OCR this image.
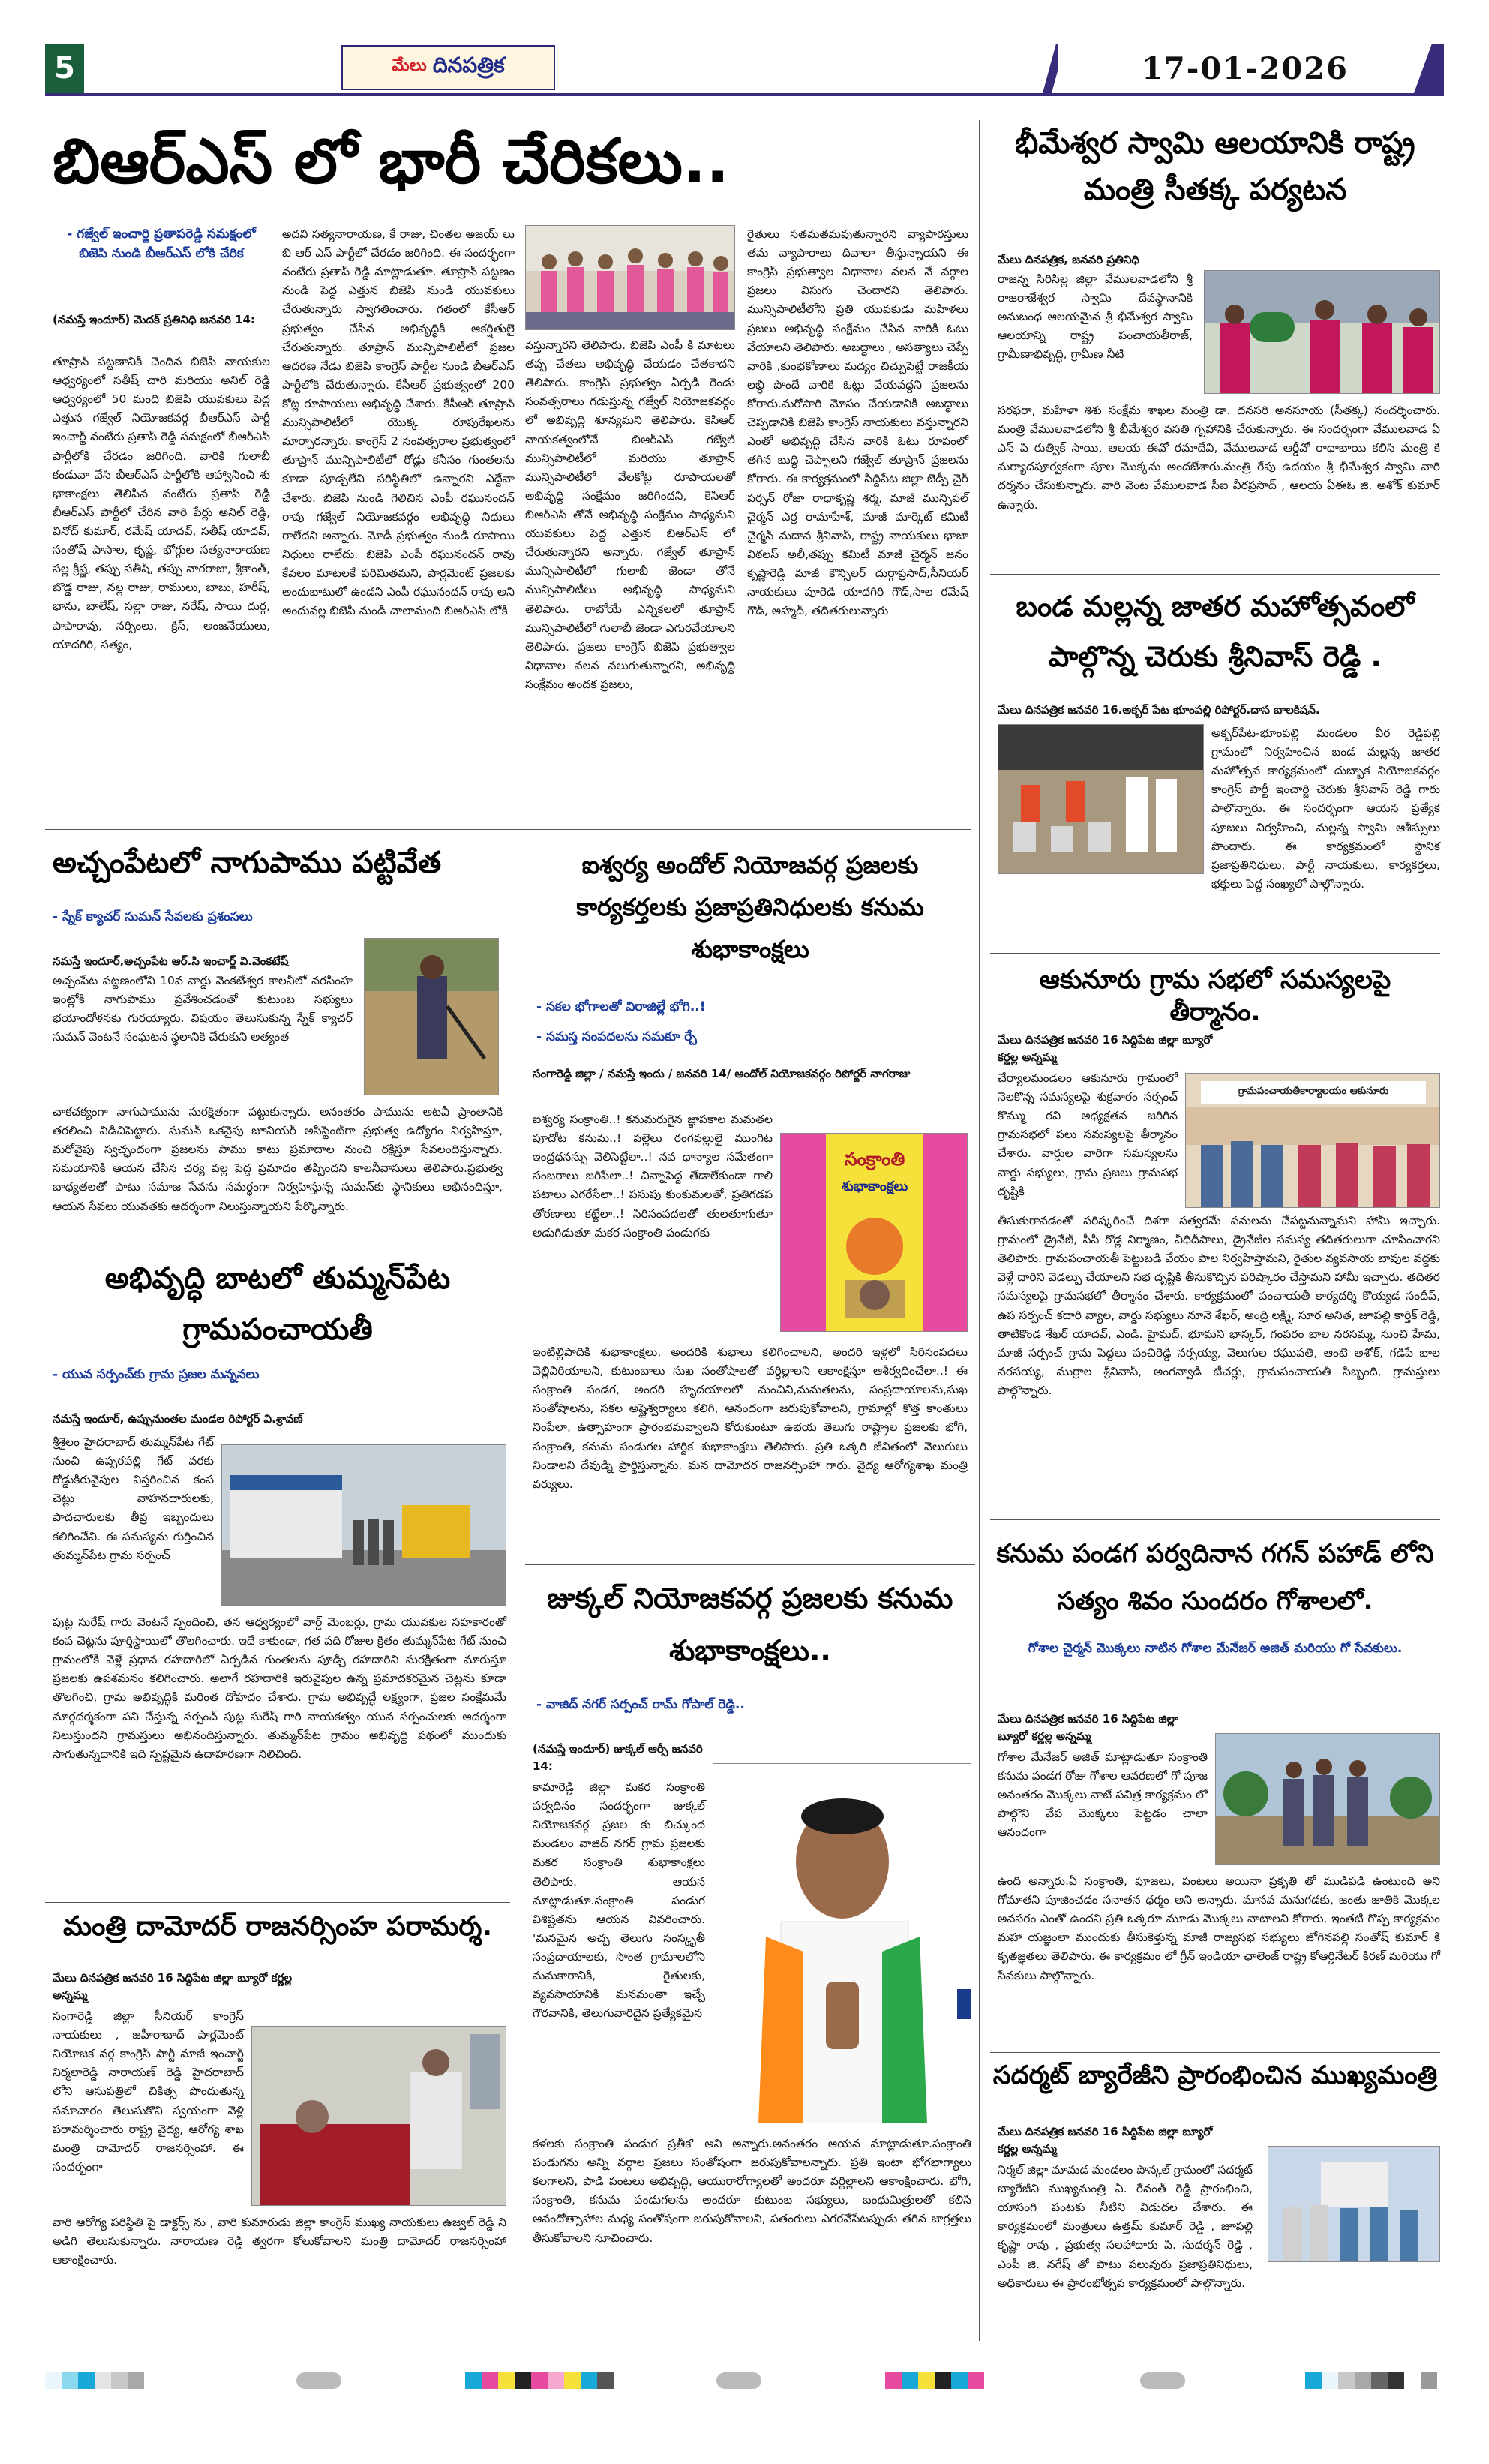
5	మేలు దినపత్రిక	17-01-2026
బిఆర్ఎస్ లో భారీ చేరికలు..
- గజ్వేల్ ఇంచార్జి ప్రతాపరెడ్డి సమక్షంలో బిజెపి నుండి బీఆర్ఎస్ లోకి చేరిక
(నమస్తే ఇందూర్) మెదక్ ప్రతినిధి జనవరి 14:
తూప్రాన్ పట్టణానికి చెందిన బిజెపి నాయకుల ఆధ్వర్యంలో సతీష్ చారి మరియు అనిల్ రెడ్డి ఆధ్వర్యంలో 50 మంది బిజెపి యువకులు పెద్ద ఎత్తున గజ్వేల్ నియోజకవర్గ బీఆర్ఎస్ పార్టీ ఇంచార్జ్ వంటేరు ప్రతాప్ రెడ్డి సమక్షంలో బీఆర్ఎస్ పార్టీలోకి చేరడం జరిగింది. వారికి గులాబీ కండువా వేసి బీఆర్ఎస్ పార్టీలోకి ఆహ్వానించి శు భాకాంక్షలు తెలిపిన వంటేరు ప్రతాప్ రెడ్డి బీఆర్ఎస్ పార్టీలో చేరిన వారి పేర్లు అనిల్ రెడ్డి, వినోద్ కుమార్, రమేష్ యాదవ్, సతీష్ యాదవ్, సంతోష్ పాసాల, కృష్ణ, భోగ్గుల సత్యనారాయణ సల్ల క్రిష్ణ, తప్పు సతీష్, తప్పు నాగరాజు, శ్రీకాంత్, బొడ్డ రాజు, నల్ల రాజు, రాములు, బాబు, హరీష్, భాను, బాలేష్, సల్లా రాజు, నరేష్, సాయి దుర్గ, పాపారావు, నర్సింలు, క్రిస్, అంజనేయులు, యాదగిరి, సత్యం,
అదవి సత్యనారాయణ, కే రాజు, చింతల అజయ్ లు బి ఆర్ ఎస్ పార్టీలో చేరడం జరిగింది. ఈ సందర్భంగా వంటేరు ప్రతాప్ రెడ్డి మాట్లాడుతూ. తూప్రాన్ పట్టణం నుండి పెద్ద ఎత్తున బిజెపి నుండి యువకులు చేరుతున్నారు స్వాగతించారు. గతంలో కేసీఆర్ ప్రభుత్వం చేసిన అభివృద్ధికి ఆకర్షితులై చేరుతున్నారు. తూప్రాన్ మున్సిపాలిటీలో ప్రజల ఆదరణ నేడు బిజెపి కాంగ్రెస్ పార్టీల నుండి బీఆర్ఎస్ పార్టీలోకి చేరుతున్నారు. కేసీఆర్ ప్రభుత్వంలో 200 కోట్ల రూపాయలు అభివృద్ధి చేశారు. కేసీఆర్ తూప్రాన్ మున్సిపాలిటీలో యొక్క రూపురేఖలను మార్చారన్నారు. కాంగ్రెస్ 2 సంవత్సరాల ప్రభుత్వంలో తూప్రాన్ మున్సిపాలిటీలో రోడ్లు కనీసం గుంతలను కూడా పూడ్చలేని పరిస్థితిలో ఉన్నారని ఎద్దేవా చేశారు. బిజెపి నుండి గెలిచిన ఎంపీ రఘునందన్ రావు గజ్వేల్ నియోజకవర్గం అభివృద్ధి నిధులు రాలేదని అన్నారు. మోడీ ప్రభుత్వం నుండి రూపాయి నిధులు రాలేదు. బిజెపి ఎంపీ రఘునందన్ రావు కేవలం మాటలకే పరిమితమని, పార్లమెంట్ ప్రజలకు అందుబాటులో ఉండని ఎంపీ రఘునందన్ రావు అని అందువల్ల బిజెపి నుండి చాలామంది బిఆర్ఎస్ లోకి
వస్తున్నారని తెలిపారు. బిజెపి ఎంపీ కి మాటలు తప్ప చేతలు అభివృద్ధి చేయడం చేతకాదని తెలిపారు. కాంగ్రెస్ ప్రభుత్వం ఏర్పడి రెండు సంవత్సరాలు గడుస్తున్న గజ్వేల్ నియోజకవర్గం లో అభివృద్ధి శూన్యమని తెలిపారు. కెసిఆర్ నాయకత్వంలోనే బిఆర్ఎస్ గజ్వేల్ మున్సిపాలిటీలో మరియు తూప్రాన్ మున్సిపాలిటీలో వేలకోట్ల రూపాయలతో అభివృద్ధి సంక్షేమం జరిగిందని, కెసిఆర్ బిఆర్ఎస్ తోనే అభివృద్ధి సంక్షేమం సాధ్యమని యువకులు పెద్ద ఎత్తున బిఆర్ఎస్ లో చేరుతున్నారని అన్నారు. గజ్వేల్ తూప్రాన్ మున్సిపాలిటీలో గులాబీ జెండా తోనే మున్సిపాలిటీలు అభివృద్ధి సాధ్యమని తెలిపారు. రాబోయే ఎన్నికలలో తూప్రాన్ మున్సిపాలిటీలో గులాబీ జెండా ఎగురవేయాలని తెలిపారు. ప్రజలు కాంగ్రెస్ బిజెపి ప్రభుత్వాల విధానాల వలన నలుగుతున్నారని, అభివృద్ధి సంక్షేమం అందక ప్రజలు,
రైతులు సతమతమవుతున్నారని వ్యాపారస్తులు తమ వ్యాపారాలు దివాలా తీస్తున్నాయని ఈ కాంగ్రెస్ ప్రభుత్వాల విధానాల వలన నే వర్గాల ప్రజలు విసుగు చెందారని తెలిపారు. మున్సిపాలిటీలోని ప్రతి యువకుడు మహిళలు ప్రజలు అభివృద్ధి సంక్షేమం చేసిన వారికి ఓటు వేయాలని తెలిపారు. అబద్ధాలు , అసత్యాలు చెప్పే వారికి ,కుంభకోణాలు మద్యం చిచ్చుపెట్టే రాజకీయ లబ్ధి పొందే వారికి ఓట్లు వేయవద్దని ప్రజలను కోరారు.మరోసారి మోసం చేయడానికి అబద్ధాలు చెప్పడానికి బిజెపి కాంగ్రెస్ నాయకులు వస్తున్నారని ఎంతో అభివృద్ధి చేసిన వారికి ఓటు రూపంలో తగిన బుద్ధి చెప్పాలని గజ్వేల్ తూప్రాన్ ప్రజలను కోరారు. ఈ కార్యక్రమంలో సిద్దిపేట జిల్లా జెడ్పీ చైర్ పర్సన్ రోజా రాధాకృష్ణ శర్మ, మాజీ మున్సిపల్ చైర్మన్ ఎర్ర రామాహేశ్, మాజీ మార్కెట్ కమిటీ చైర్మన్ మదాన శ్రీనివాస్, రాష్ట్ర నాయకులు భాజా విఠలస్ అలీ,తప్పు కమిటీ మాజీ చైర్మన్ జనం కృష్ణారెడ్డి మాజీ కౌన్సిలర్ దుర్గాప్రసాద్,సీనియర్ నాయకులు పూరెడి యాదగిరి గౌడ్,సాల రమేష్ గౌడ్, అహ్మద్, తదితరులున్నారు
భీమేశ్వర స్వామి ఆలయానికి రాష్ట్ర మంత్రి సీతక్క పర్యటన
మేలు దినపత్రిక, జనవరి ప్రతినిధి
రాజన్న సిరిసిల్ల జిల్లా వేములవాడలోని శ్రీ రాజరాజేశ్వర స్వామి దేవస్థానానికి అనుబంధ ఆలయమైన శ్రీ భీమేశ్వర స్వామి ఆలయాన్ని రాష్ట్ర పంచాయతీరాజ్, గ్రామీణాభివృద్ధి, గ్రామీణ నీటి
సరఫరా, మహిళా శిశు సంక్షేమ శాఖల మంత్రి డా. దనసరి అనసూయ (సీతక్క) సందర్శించారు. మంత్రి వేములవాడలోని శ్రీ భీమేశ్వర వసతి గృహానికి చేరుకున్నారు. ఈ సందర్భంగా వేములవాడ ఏ ఎస్ పి రుత్విక్ సాయి, ఆలయ ఈవో రమాదేవి, వేములవాడ ఆర్డీవో రాధాబాయి కలిసి మంత్రి కి మర్యాదపూర్వకంగా పూల మొక్కను అందజేశారు.మంత్రి రేపు ఉదయం శ్రీ భీమేశ్వర స్వామి వారి దర్శనం చేసుకున్నారు. వారి వెంట వేములవాడ సీఐ వీరప్రసాద్ , ఆలయ ఏఈఓ జి. అశోక్ కుమార్ ఉన్నారు.
బండ మల్లన్న జాతర మహోత్సవంలో పాల్గొన్న చెరుకు శ్రీనివాస్ రెడ్డి .
మేలు దినపత్రిక జనవరి 16.అక్బర్ పేట భూంపల్లి రిపోర్టర్.దాస బాలకిషన్.
అక్బర్‌పేట-భూంపల్లి మండలం వీర రెడ్డిపల్లి గ్రామంలో నిర్వహించిన బండ మల్లన్న జాతర మహోత్సవ కార్యక్రమంలో దుబ్బాక నియోజకవర్గం కాంగ్రెస్ పార్టీ ఇంచార్జి చెరుకు శ్రీనివాస్ రెడ్డి గారు పాల్గొన్నారు. ఈ సందర్భంగా ఆయన ప్రత్యేక పూజలు నిర్వహించి, మల్లన్న స్వామి ఆశీస్సులు పొందారు. ఈ కార్యక్రమంలో స్థానిక ప్రజాప్రతినిధులు, పార్టీ నాయకులు, కార్యకర్తలు, భక్తులు పెద్ద సంఖ్యలో పాల్గొన్నారు.
ఆకునూరు గ్రామ సభలో సమస్యలపై తీర్మానం.
మేలు దినపత్రిక జనవరి 16 సిద్దిపేట జిల్లా బ్యూరో కర్ణల్ల అన్నమ్మ
చేర్యాలమండలం ఆకునూరు గ్రామంలో నెలకొన్న సమస్యలపై శుక్రవారం సర్పంచ్ కొమ్ము రవి అధ్యక్షతన జరిగిన గ్రామసభలో పలు సమస్యలపై తీర్మానం చేశారు. వార్డుల వారిగా సమస్యలను వార్డు సభ్యులు, గ్రామ ప్రజలు గ్రామసభ దృష్టికి
గ్రామపంచాయతీకార్యాలయం ఆకునూరు
తీసుకురావడంతో పరిష్కరించే దిశగా సత్వరమే పనులను చేపట్టనున్నామని హామీ ఇచ్చారు. గ్రామంలో డ్రైనేజ్, సీసీ రోడ్ల నిర్మాణం, వీధిదీపాలు, డ్రైనేజీల సమస్య తదితరులుగా చూపించారని తెలిపారు. గ్రామపంచాయతీ పెట్టుబడి వేయం పాల నిర్వహిస్తామని, రైతుల వ్యవసాయ బావుల వద్దకు వెళ్లే దారిని వెడల్పు చేయాలని సభ దృష్టికి తీసుకొచ్చిన పరిష్కారం చేస్తామని హామీ ఇచ్చారు. తదితర సమస్యలపై గ్రామసభలో తీర్మానం చేశారు. కార్యక్రమంలో పంచాయతీ కార్యదర్శి కొయ్యడ సందీప్, ఉప సర్పంచ్ కదారి వ్యాల, వార్డు సభ్యులు నూనె శేఖర్, అంద్రి లక్ష్మి, సూర అనిత, జూపల్లి కార్తిక్ రెడ్డి, తాటికొండ శేఖర్ యాదవ్, ఎండి. హైమద్, భూమని భాస్కర్, గంపరం బాల నరసమ్మ, సుంచి హేమ, మాజీ సర్పంచ్ గ్రామ పెద్దలు పంచిరెడ్డి నర్సయ్య, వెలుగుల రఘుపతి, ఆంటె అశోక్, గడిపే బాల నరసయ్య, ముర్రాల శ్రీనివాస్, అంగన్వాడి టీచర్లు, గ్రామపంచాయతీ సిబ్బంది, గ్రామస్తులు పాల్గొన్నారు.
కనుమ పండగ పర్వదినాన గగన్ పహాడ్ లోని సత్యం శివం సుందరం గోశాలలో.
గోశాల చైర్మన్ మొక్కలు నాటిన గోశాల మేనేజర్ అజిత్ మరియు గో సేవకులు.
మేలు దినపత్రిక జనవరి 16 సిద్దిపేట జిల్లా బ్యూరో కర్ణల్ల అన్నమ్మ
గోశాల మేనేజర్ అజిత్ మాట్లాడుతూ సంక్రాంతి కనుమ పండగ రోజు గోశాల ఆవరణలో గో పూజ అనంతరం మొక్కలు నాటే పవిత్ర కార్యక్రమం లో పాల్గొని వేప మొక్కలు పెట్టడం చాలా ఆనందంగా
ఉంది అన్నారు.ఏ సంక్రాంతి, పూజలు, పంటలు అయినా ప్రకృతి తో ముడిపడి ఉంటుంది అని గోమాతని పూజించడం సనాతన ధర్మం అని అన్నారు. మానవ మనుగడకు, జంతు జాతికి మొక్కల అవసరం ఎంతో ఉందని ప్రతి ఒక్కరూ మూడు మొక్కలు నాటాలని కోరారు. ఇంతటి గొప్ప కార్యక్రమం మహా యజ్ఞంలా ముందుకు తీసుకెళ్తున్న మాజీ రాజ్యసభ సభ్యులు జోగినపల్లి సంతోష్ కుమార్ కి కృతజ్ఞతలు తెలిపారు. ఈ కార్యక్రమం లో గ్రీన్ ఇండియా ఛాలెంజ్ రాష్ట్ర కోఆర్డినేటర్ కిరణ్ మరియు గో సేవకులు పాల్గొన్నారు.
సదర్మట్ బ్యారేజీని ప్రారంభించిన ముఖ్యమంత్రి
మేలు దినపత్రిక జనవరి 16 సిద్దిపేట జిల్లా బ్యూరో కర్ణల్ల అన్నమ్మ
నిర్మల్ జిల్లా మామడ మండలం పొన్కల్ గ్రామంలో సదర్మట్ బ్యారేజీని ముఖ్యమంత్రి ఏ. రేవంత్ రెడ్డి ప్రారంభించి, యాసంగి పంటకు నీటిని విడుదల చేశారు. ఈ కార్యక్రమంలో మంత్రులు ఉత్తమ్ కుమార్ రెడ్డి , జూపల్లి కృష్ణా రావు , ప్రభుత్వ సలహాదారు పి. సుదర్శన్ రెడ్డి , ఎంపీ జి. నగేష్ తో పాటు పలువురు ప్రజాప్రతినిధులు, అధికారులు ఈ ప్రారంభోత్సవ కార్యక్రమంలో పాల్గొన్నారు.
అచ్చంపేటలో నాగుపాము పట్టివేత
- స్నేక్ క్యాచర్ సుమన్ సేవలకు ప్రశంసలు
నమస్తే ఇందూర్,అచ్చంపేట ఆర్.సి ఇంచార్జ్ వి.వెంకటేష్
అచ్చంపేట పట్టణంలోని 10వ వార్డు వెంకటేశ్వర కాలనీలో నరసింహ ఇంట్లోకి నాగుపాము ప్రవేశించడంతో కుటుంబ సభ్యులు భయాందోళనకు గురయ్యారు. విషయం తెలుసుకున్న స్నేక్ క్యాచర్ సుమన్ వెంటనే సంఘటన స్థలానికి చేరుకుని అత్యంత
చాకచక్యంగా నాగుపామును సురక్షితంగా పట్టుకున్నారు. అనంతరం పామును అటవీ ప్రాంతానికి తరలించి విడిచిపెట్టారు. సుమన్ ఒకవైపు జూనియర్ అసిస్టెంట్‌గా ప్రభుత్వ ఉద్యోగం నిర్వహిస్తూ, మరోవైపు స్వచ్ఛందంగా ప్రజలను పాము కాటు ప్రమాదాల నుంచి రక్షిస్తూ సేవలందిస్తున్నారు. సమయానికి ఆయన చేసిన చర్య వల్ల పెద్ద ప్రమాదం తప్పిందని కాలనీవాసులు తెలిపారు.ప్రభుత్వ బాధ్యతలతో పాటు సమాజ సేవను సమర్థంగా నిర్వహిస్తున్న సుమన్‌కు స్థానికులు అభినందిస్తూ, ఆయన సేవలు యువతకు ఆదర్శంగా నిలుస్తున్నాయని పేర్కొన్నారు.
అభివృద్ధి బాటలో తుమ్మన్‌పేట గ్రామపంచాయతీ
- యువ సర్పంచ్‌కు గ్రామ ప్రజల మన్ననలు
నమస్తే ఇందూర్, ఉప్పునుంతల మండల రిపోర్టర్ వి.శ్రావణ్
శ్రీశైలం హైదరాబాద్ తుమ్మన్‌పేట గేట్ నుంచి ఉప్పరపల్లి గేట్ వరకు రోడ్డుకిరువైపుల విస్తరించిన కంప చెట్లు వాహనదారులకు, పాదచారులకు తీవ్ర ఇబ్బందులు కలిగించేవి. ఈ సమస్యను గుర్తించిన తుమ్మన్‌పేట గ్రామ సర్పంచ్
పుట్ల సురేష్ గారు వెంటనే స్పందించి, తన ఆధ్వర్యంలో వార్డ్ మెంబర్లు, గ్రామ యువకుల సహకారంతో కంప చెట్లను పూర్తిస్థాయిలో తొలగించారు. ఇదే కాకుండా, గత పది రోజుల క్రితం తుమ్మన్‌పేట గేట్ నుంచి గ్రామంలోకి వెళ్లే ప్రధాన రహదారిలో ఏర్పడిన గుంతలను పూడ్చి రహదారిని సురక్షితంగా మారుస్తూ ప్రజలకు ఉపశమనం కలిగించారు. అలాగే రహదారికి ఇరువైపుల ఉన్న ప్రమాదకరమైన చెట్లను కూడా తొలగించి, గ్రామ అభివృద్ధికి మరింత దోహదం చేశారు. గ్రామ అభివృద్ధే లక్ష్యంగా, ప్రజల సంక్షేమమే మార్గదర్శకంగా పని చేస్తున్న సర్పంచ్ పుట్ల సురేష్ గారి నాయకత్వం యువ సర్పంచులకు ఆదర్శంగా నిలుస్తుందని గ్రామస్తులు అభినందిస్తున్నారు. తుమ్మన్‌పేట గ్రామం అభివృద్ధి పథంలో ముందుకు సాగుతున్నదానికి ఇది స్పష్టమైన ఉదాహరణగా నిలిచింది.
మంత్రి దామోదర్ రాజనర్సింహ పరామర్శ.
మేలు దినపత్రిక జనవరి 16 సిద్దిపేట జిల్లా బ్యూరో కర్ణల్ల అన్నమ్మ
సంగారెడ్డి జిల్లా సీనియర్ కాంగ్రెస్ నాయకులు , జహీరాబాద్ పార్లమెంట్ నియోజక వర్గ కాంగ్రెస్ పార్టీ మాజీ ఇంచార్జ్ నిర్మలారెడ్డి నారాయణ్ రెడ్డి హైదరాబాద్ లోని ఆసుపత్రిలో చికిత్స పొందుతున్న సమాచారం తెలుసుకొని స్వయంగా వెళ్లి పరామర్శించారు రాష్ట్ర వైద్య, ఆరోగ్య శాఖ మంత్రి దామోదర్ రాజనర్సింహా. ఈ సందర్భంగా
వారి ఆరోగ్య పరిస్థితి పై డాక్టర్స్ ను , వారి కుమారుడు జిల్లా కాంగ్రెస్ ముఖ్య నాయకులు ఉజ్వల్ రెడ్డి ని అడిగి తెలుసుకున్నారు. నారాయణ రెడ్డి త్వరగా కోలుకోవాలని మంత్రి దామోదర్ రాజనర్సింహా ఆకాంక్షించారు.
ఐశ్వర్య అందోల్ నియోజవర్గ ప్రజలకు కార్యకర్తలకు ప్రజాప్రతినిధులకు కనుమ శుభాకాంక్షలు
- సకల భోగాలతో విరాజిల్లే భోగి..!
- సమస్త సంపదలను సమకూ ర్చే
సంగారెడ్డి జిల్లా / నమస్తే ఇందు / జనవరి 14/ ఆందోల్ నియోజకవర్గం రిపోర్టర్ నాగరాజు
ఐశ్వర్య సంక్రాంతి..! కనుమరుగైన జ్ఞాపకాల మమతల పూదోట కనుమ..! పల్లెలు రంగవల్లులై ముంగిట ఇంద్రధనస్సు వెలిసెట్టేలా..! నవ ధాన్యాల సమేతంగా సంబరాలు జరిపేలా..! చిన్నాపెద్ద తేడాలేకుండా గాలి పటాలు ఎగరేసేలా..! పసుపు కుంకుమలతో, ప్రతిగడప తోరణాలు కట్టేలా..! సిరిసంపదలతో తులతూగుతూ అడుగిడుతూ మకర సంక్రాంతి పండుగకు
సంక్రాంతి
శుభాకాంక్షలు
ఇంటిల్లిపాదికి శుభాకాంక్షలు, అందరికి శుభాలు కలిగించాలని, అందరి ఇళ్లలో సిరిసంపదలు వెల్లివిరియాలని, కుటుంబాలు సుఖ సంతోషాలతో వర్ధిల్లాలని ఆకాంక్షిస్తూ ఆశీర్వదించేలా..! ఈ సంక్రాంతి పండగ, అందరి హృదయాలలో మంచిని,మమతలను, సంప్రదాయాలను,సుఖ సంతోషాలను, సకల అష్టైశ్వర్యాలు కలిగి, ఆనందంగా జరుపుకోవాలని, గ్రామాల్లో కొత్త కాంతులు నింపేలా, ఉత్సాహంగా ప్రారంభమవ్వాలని కోరుకుంటూ ఉభయ తెలుగు రాష్ట్రాల ప్రజలకు భోగి, సంక్రాంతి, కనుమ పండుగల హార్దిక శుభాకాంక్షలు తెలిపారు. ప్రతి ఒక్కరి జీవితంలో వెలుగులు నిండాలని దేవుడ్ని ప్రార్థిస్తున్నాను. మన దామోదర రాజనర్సింహా గారు. వైద్య ఆరోగ్యశాఖ మంత్రి వర్యులు.
జుక్కల్ నియోజకవర్గ ప్రజలకు కనుమ శుభాకాంక్షలు..
- వాజిద్ నగర్ సర్పంచ్ రామ్ గోపాల్ రెడ్డి..
(నమస్తే ఇందూర్) జుక్కల్ ఆర్సీ జనవరి 14:
కామారెడ్డి జిల్లా మకర సంక్రాంతి పర్వదినం సందర్భంగా జుక్కల్ నియోజకవర్గ ప్రజల కు బిచ్కుంద మండలం వాజిద్ నగర్ గ్రామ ప్రజలకు మకర సంక్రాంతి శుభాకాంక్షలు తెలిపారు. ఆయన మాట్లాడుతూ.సంక్రాంతి పండుగ విశిష్టతను ఆయన వివరించారు. 'మనమైన అచ్చ తెలుగు సంస్కృతీ సంప్రదాయాలకు, సొంత గ్రామాలలోని మమకారానికి, రైతులకు, వ్యవసాయానికి మనమంతా ఇచ్చే గౌరవానికి, తెలుగువారిదైన ప్రత్యేకమైన
కళలకు సంక్రాంతి పండుగ ప్రతీక' అని అన్నారు.అనంతరం ఆయన మాట్లాడుతూ.సంక్రాంతి పండుగను అన్ని వర్గాల ప్రజలు సంతోషంగా జరుపుకోవాలన్నారు. ప్రతి ఇంటా భోగభాగ్యాలు కలగాలని, పాడి పంటలు అభివృద్ధి, ఆయురారోగ్యాలతో అందరూ వర్ధిల్లాలని ఆకాంక్షించారు. భోగి, సంక్రాంతి, కనుమ పండుగలను అందరూ కుటుంబ సభ్యులు, బంధుమిత్రులతో కలిసి ఆనందోత్సాహాల మధ్య సంతోషంగా జరుపుకోవాలని, పతంగులు ఎగరవేసేటప్పుడు తగిన జాగ్రత్తలు తీసుకోవాలని సూచించారు.
